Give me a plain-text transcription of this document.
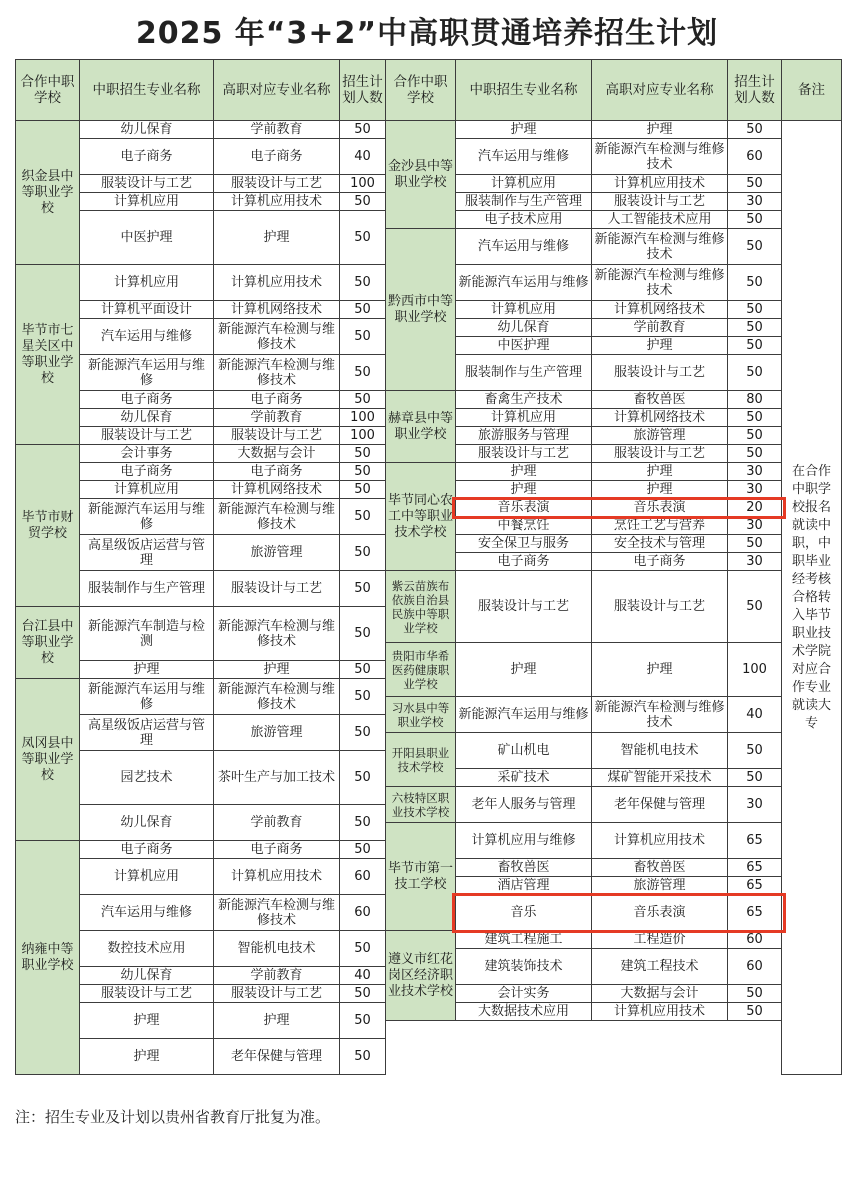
2025 年“3+2”中高职贯通培养招生计划
合作中职学校	中职招生专业名称	高职对应专业名称	招生计划人数	合作中职学校	中职招生专业名称	高职对应专业名称	招生计划人数	备注
织金县中等职业学校	幼儿保育	学前教育	50	金沙县中等职业学校	护理	护理	50	在合作中职学校报名就读中职，中职毕业经考核合格转入毕节职业技术学院对应合作专业就读大专
	电子商务	电子商务	40		汽车运用与维修	新能源汽车检测与维修技术	60	
	服装设计与工艺	服装设计与工艺	100		计算机应用	计算机应用技术	50	
	计算机应用	计算机应用技术	50		服装制作与生产管理	服装设计与工艺	30	
	中医护理	护理	50		电子技术应用	人工智能技术应用	50	
				黔西市中等职业学校	汽车运用与维修	新能源汽车检测与维修技术	50	
毕节市七星关区中等职业学校	计算机应用	计算机应用技术	50		新能源汽车运用与维修	新能源汽车检测与维修技术	50	
	计算机平面设计	计算机网络技术	50		计算机应用	计算机网络技术	50	
	汽车运用与维修	新能源汽车检测与维修技术	50		幼儿保育	学前教育	50	
					中医护理	护理	50	
	新能源汽车运用与维修	新能源汽车检测与维修技术	50		服装制作与生产管理	服装设计与工艺	50	
	电子商务	电子商务	50	赫章县中等职业学校	畜禽生产技术	畜牧兽医	80	
	幼儿保育	学前教育	100		计算机应用	计算机网络技术	50	
	服装设计与工艺	服装设计与工艺	100		旅游服务与管理	旅游管理	50	
毕节市财贸学校	会计事务	大数据与会计	50		服装设计与工艺	服装设计与工艺	50	
	电子商务	电子商务	50	毕节同心农工中等职业技术学校	护理	护理	30	
	计算机应用	计算机网络技术	50		护理	护理	30	
	新能源汽车运用与维修	新能源汽车检测与维修技术	50		音乐表演	音乐表演	20	
					中餐烹饪	烹饪工艺与营养	30	
	高星级饭店运营与管理	旅游管理	50		安全保卫与服务	安全技术与管理	50	
					电子商务	电子商务	30	
	服装制作与生产管理	服装设计与工艺	50	紫云苗族布依族自治县民族中等职业学校	服装设计与工艺	服装设计与工艺	50	
台江县中等职业学校	新能源汽车制造与检测	新能源汽车检测与维修技术	50					
				贵阳市华希医药健康职业学校	护理	护理	100	
	护理	护理	50					
凤冈县中等职业学校	新能源汽车运用与维修	新能源汽车检测与维修技术	50					
				习水县中等职业学校	新能源汽车运用与维修	新能源汽车检测与维修技术	40	
	高星级饭店运营与管理	旅游管理	50					
				开阳县职业技术学校	矿山机电	智能机电技术	50	
	园艺技术	茶叶生产与加工技术	50					
					采矿技术	煤矿智能开采技术	50	
				六枝特区职业技术学校	老年人服务与管理	老年保健与管理	30	
	幼儿保育	学前教育	50					
				毕节市第一技工学校	计算机应用与维修	计算机应用技术	65	
纳雍中等职业学校	电子商务	电子商务	50					
	计算机应用	计算机应用技术	60		畜牧兽医	畜牧兽医	65	
					酒店管理	旅游管理	65	
	汽车运用与维修	新能源汽车检测与维修技术	60		音乐	音乐表演	65	
	数控技术应用	智能机电技术	50	遵义市红花岗区经济职业技术学校	建筑工程施工	工程造价	60	
					建筑装饰技术	建筑工程技术	60	
	幼儿保育	学前教育	40					
	服装设计与工艺	服装设计与工艺	50		会计实务	大数据与会计	50	
	护理	护理	50		大数据技术应用	计算机应用技术	50	

	护理	老年保健与管理	50					
注：招生专业及计划以贵州省教育厅批复为准。
